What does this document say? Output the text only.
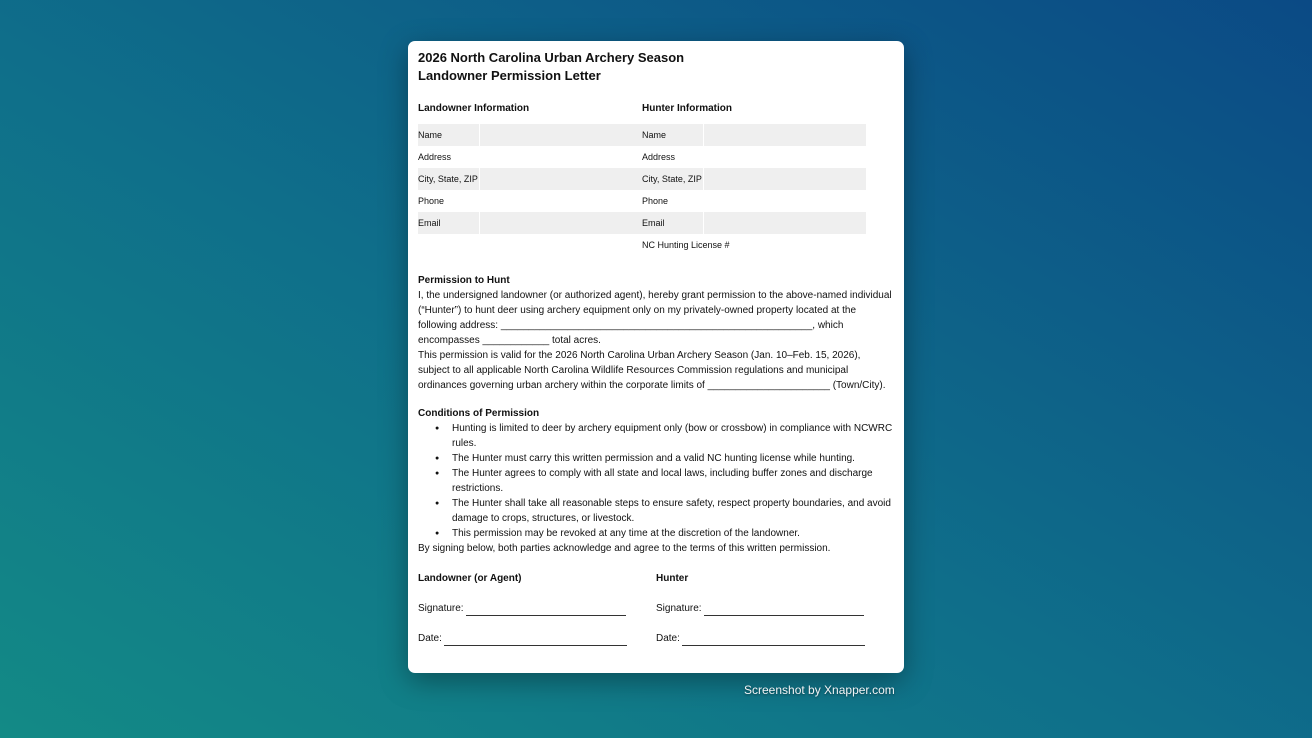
2026 North Carolina Urban Archery Season
Landowner Permission Letter
Landowner Information
Name
Address
City, State, ZIP
Phone
Email
Hunter Information
Name
Address
City, State, ZIP
Phone
Email
NC Hunting License #
Permission to Hunt

I, the undersigned landowner (or authorized agent), hereby grant permission to the above-named individual (“Hunter”) to hunt deer using archery equipment only on my privately-owned property located at the following address: ________________________________________________________, which encompasses ____________ total acres.

This permission is valid for the 2026 North Carolina Urban Archery Season (Jan. 10–Feb. 15, 2026), subject to all applicable North Carolina Wildlife Resources Commission regulations and municipal ordinances governing urban archery within the corporate limits of ______________________ (Town/City).

Conditions of Permission
● Hunting is limited to deer by archery equipment only (bow or crossbow) in compliance with NCWRC rules.
● The Hunter must carry this written permission and a valid NC hunting license while hunting.
● The Hunter agrees to comply with all state and local laws, including buffer zones and discharge restrictions.
● The Hunter shall take all reasonable steps to ensure safety, respect property boundaries, and avoid damage to crops, structures, or livestock.
● This permission may be revoked at any time at the discretion of the landowner.

By signing below, both parties acknowledge and agree to the terms of this written permission.

Landowner (or Agent)
Signature:
Date:
Hunter
Signature:
Date:
Screenshot by Xnapper.com
